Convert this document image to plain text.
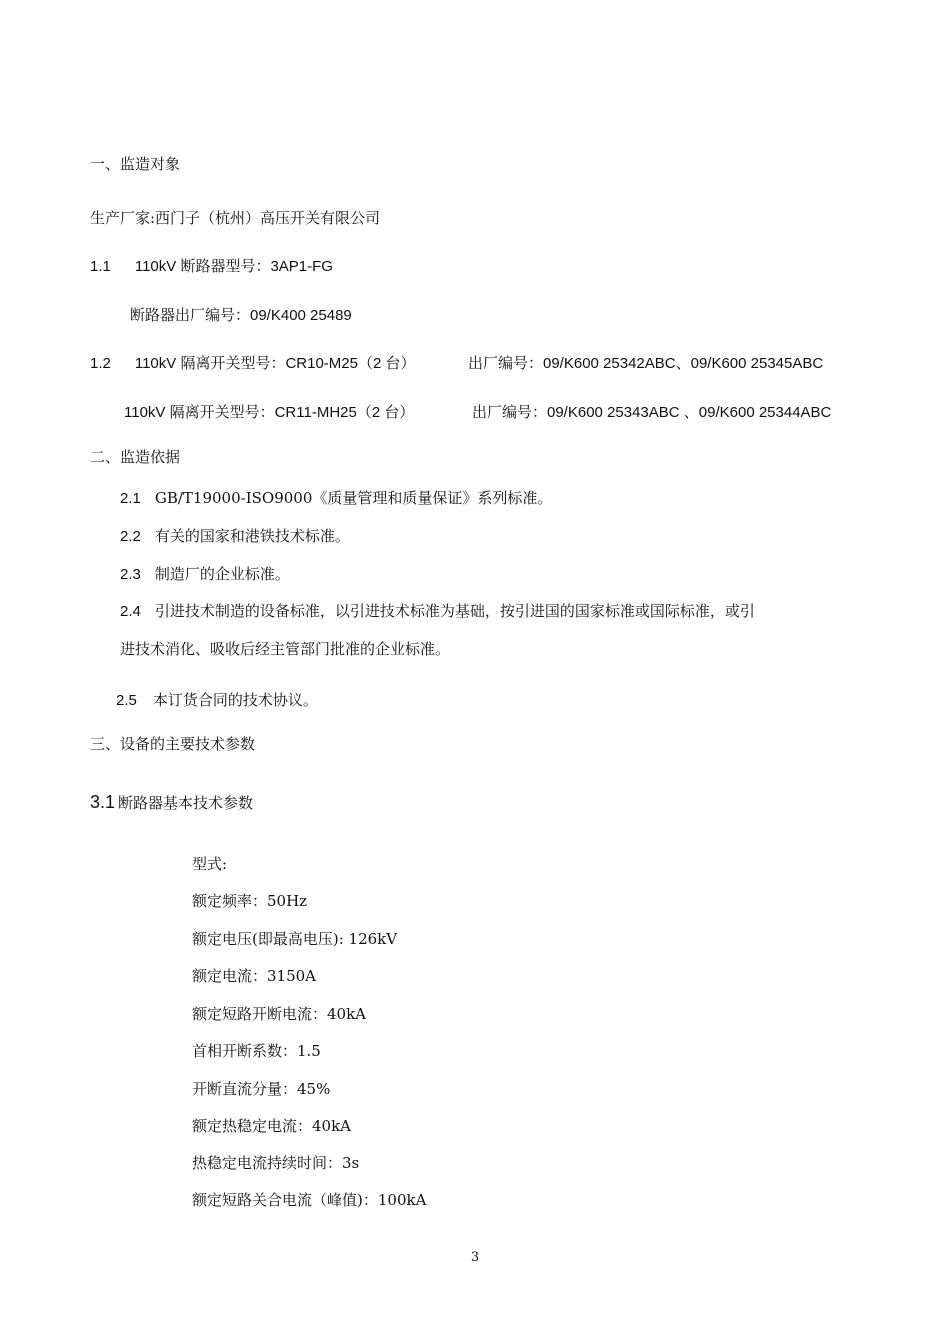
一、监造对象
生产厂家:西门子（杭州）高压开关有限公司
1.1 110kV 断路器型号：3AP1-FG
断路器出厂编号：09/K400 25489
1.2 110kV 隔离开关型号：CR10-M25（2 台）	出厂编号：09/K600 25342ABC、09/K600 25345ABC
110kV 隔离开关型号：CR11-MH25（2 台）	出厂编号：09/K600 25343ABC 、09/K600 25344ABC
二、监造依据
2.1 GB/T19000-ISO9000《质量管理和质量保证》系列标准。
2.2 有关的国家和港铁技术标准。
2.3 制造厂的企业标准。
2.4 引进技术制造的设备标准，以引进技术标准为基础，按引进国的国家标准或国际标准，或引
进技术消化、吸收后经主管部门批准的企业标准。
2.5 本订货合同的技术协议。
三、设备的主要技术参数
3.1 断路器基本技术参数
型式:
额定频率：50Hz
额定电压(即最高电压): 126kV
额定电流：3150A
额定短路开断电流：40kA
首相开断系数：1.5
开断直流分量：45%
额定热稳定电流：40kA
热稳定电流持续时间：3s
额定短路关合电流（峰值)：100kA
3
